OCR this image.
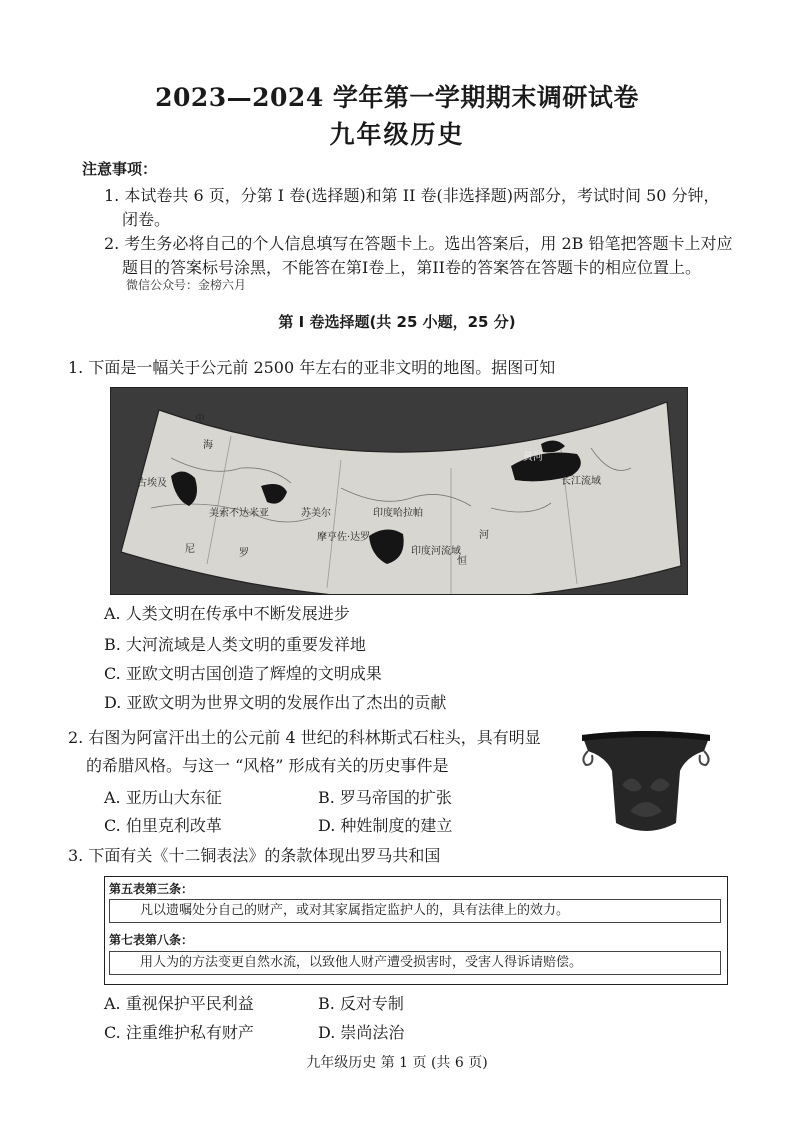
2023—2024 学年第一学期期末调研试卷
九年级历史
注意事项：
1. 本试卷共 6 页，分第 I 卷(选择题)和第 II 卷(非选择题)两部分，考试时间 50 分钟，
闭卷。
2. 考生务必将自己的个人信息填写在答题卡上。选出答案后，用 2B 铅笔把答题卡上对应
题目的答案标号涂黑，不能答在第I卷上，第II卷的答案答在答题卡的相应位置上。
微信公众号：金榜六月
第 I 卷选择题(共 25 小题，25 分)
1. 下面是一幅关于公元前 2500 年左右的亚非文明的地图。据图可知
中
海
美索不达米亚
古埃及
苏美尔	印度哈拉帕
摩亨佐·达罗
印度河流域
黄河
长江流域
尼	罗
恒
河
A. 人类文明在传承中不断发展进步
B. 大河流域是人类文明的重要发祥地
C. 亚欧文明古国创造了辉煌的文明成果
D. 亚欧文明为世界文明的发展作出了杰出的贡献
2. 右图为阿富汗出土的公元前 4 世纪的科林斯式石柱头，具有明显
的希腊风格。与这一 “风格” 形成有关的历史事件是
A. 亚历山大东征	B. 罗马帝国的扩张
C. 伯里克利改革	D. 种姓制度的建立
3. 下面有关《十二铜表法》的条款体现出罗马共和国
第五表第三条：
凡以遗嘱处分自己的财产，或对其家属指定监护人的，具有法律上的效力。
第七表第八条：
用人为的方法变更自然水流，以致他人财产遭受损害时，受害人得诉请赔偿。
A. 重视保护平民利益	B. 反对专制
C. 注重维护私有财产	D. 崇尚法治
九年级历史 第 1 页 (共 6 页)
